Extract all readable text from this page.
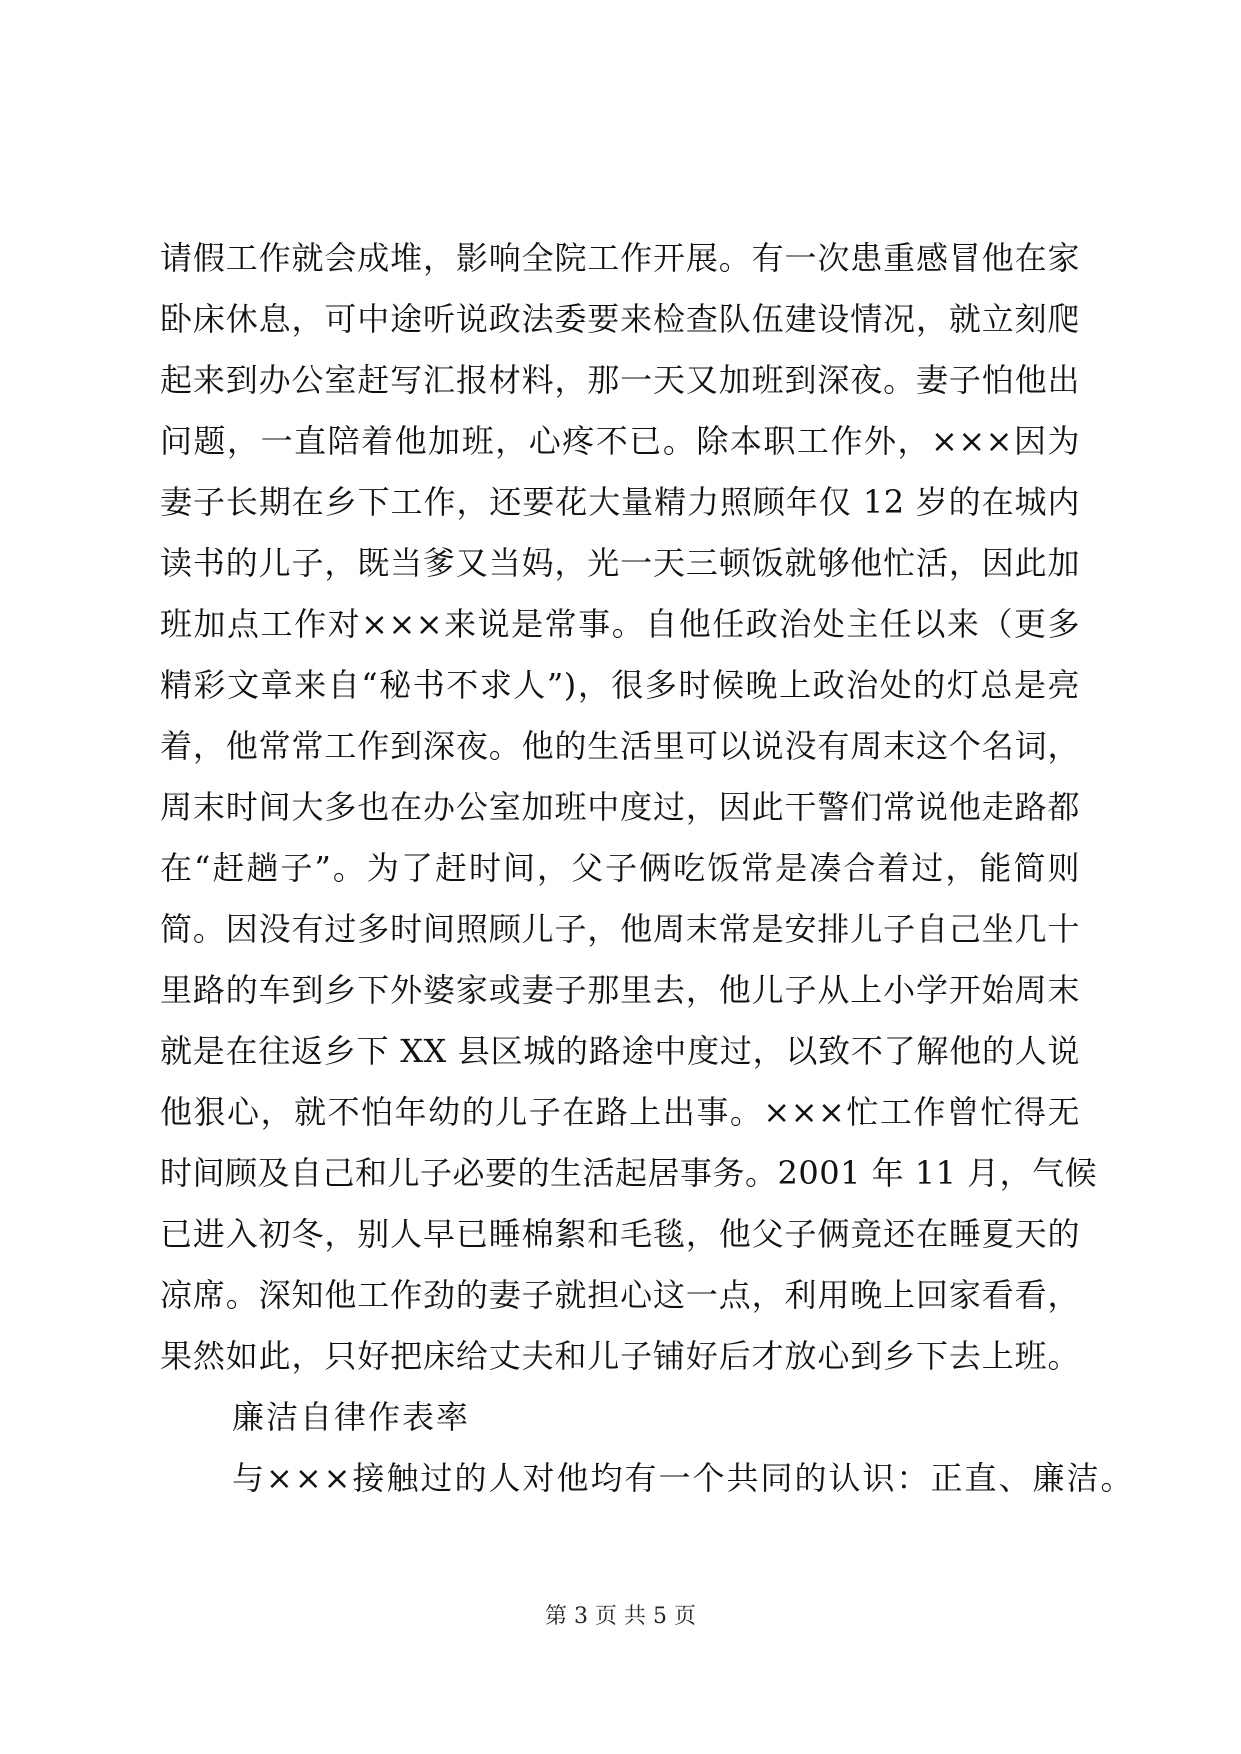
请假工作就会成堆，影响全院工作开展。有一次患重感冒他在家
卧床休息，可中途听说政法委要来检查队伍建设情况，就立刻爬
起来到办公室赶写汇报材料，那一天又加班到深夜。妻子怕他出
问题，一直陪着他加班，心疼不已。除本职工作外，×××因为
妻子长期在乡下工作，还要花大量精力照顾年仅 12 岁的在城内
读书的儿子，既当爹又当妈，光一天三顿饭就够他忙活，因此加
班加点工作对×××来说是常事。自他任政治处主任以来（更多
精彩文章来自“秘书不求人”)，很多时候晚上政治处的灯总是亮
着，他常常工作到深夜。他的生活里可以说没有周末这个名词，
周末时间大多也在办公室加班中度过，因此干警们常说他走路都
在“赶趟子”。为了赶时间，父子俩吃饭常是凑合着过，能简则
简。因没有过多时间照顾儿子，他周末常是安排儿子自己坐几十
里路的车到乡下外婆家或妻子那里去，他儿子从上小学开始周末
就是在往返乡下 XX 县区城的路途中度过，以致不了解他的人说
他狠心，就不怕年幼的儿子在路上出事。×××忙工作曾忙得无
时间顾及自己和儿子必要的生活起居事务。2001 年 11 月，气候
已进入初冬，别人早已睡棉絮和毛毯，他父子俩竟还在睡夏天的
凉席。深知他工作劲的妻子就担心这一点，利用晚上回家看看，
果然如此，只好把床给丈夫和儿子铺好后才放心到乡下去上班。
廉洁自律作表率
与×××接触过的人对他均有一个共同的认识：正直、廉洁。
第 3 页 共 5 页
